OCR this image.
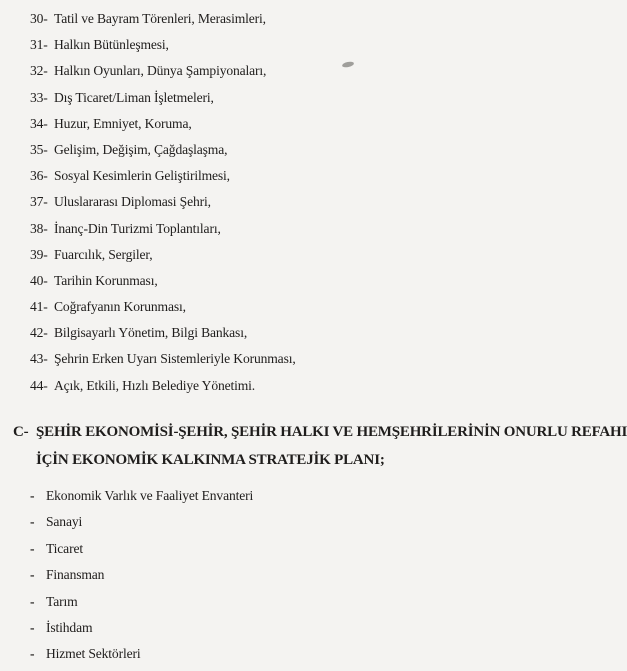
30- Tatil ve Bayram Törenleri, Merasimleri,
31- Halkın Bütünleşmesi,
32- Halkın Oyunları, Dünya Şampiyonaları,
33- Dış Ticaret/Liman İşletmeleri,
34- Huzur, Emniyet, Koruma,
35- Gelişim, Değişim, Çağdaşlaşma,
36- Sosyal Kesimlerin Geliştirilmesi,
37- Uluslararası Diplomasi Şehri,
38- İnanç-Din Turizmi Toplantıları,
39- Fuarcılık, Sergiler,
40- Tarihin Korunması,
41- Coğrafyanın Korunması,
42- Bilgisayarlı Yönetim, Bilgi Bankası,
43- Şehrin Erken Uyarı Sistemleriyle Korunması,
44- Açık, Etkili, Hızlı Belediye Yönetimi.
C- ŞEHİR EKONOMİSİ-ŞEHİR, ŞEHİR HALKI VE HEMŞEHRİLERİNİN ONURLU REFAHI
İÇİN EKONOMİK KALKINMA STRATEJİK PLANI;
- Ekonomik Varlık ve Faaliyet Envanteri
- Sanayi
- Ticaret
- Finansman
- Tarım
- İstihdam
- Hizmet Sektörleri
